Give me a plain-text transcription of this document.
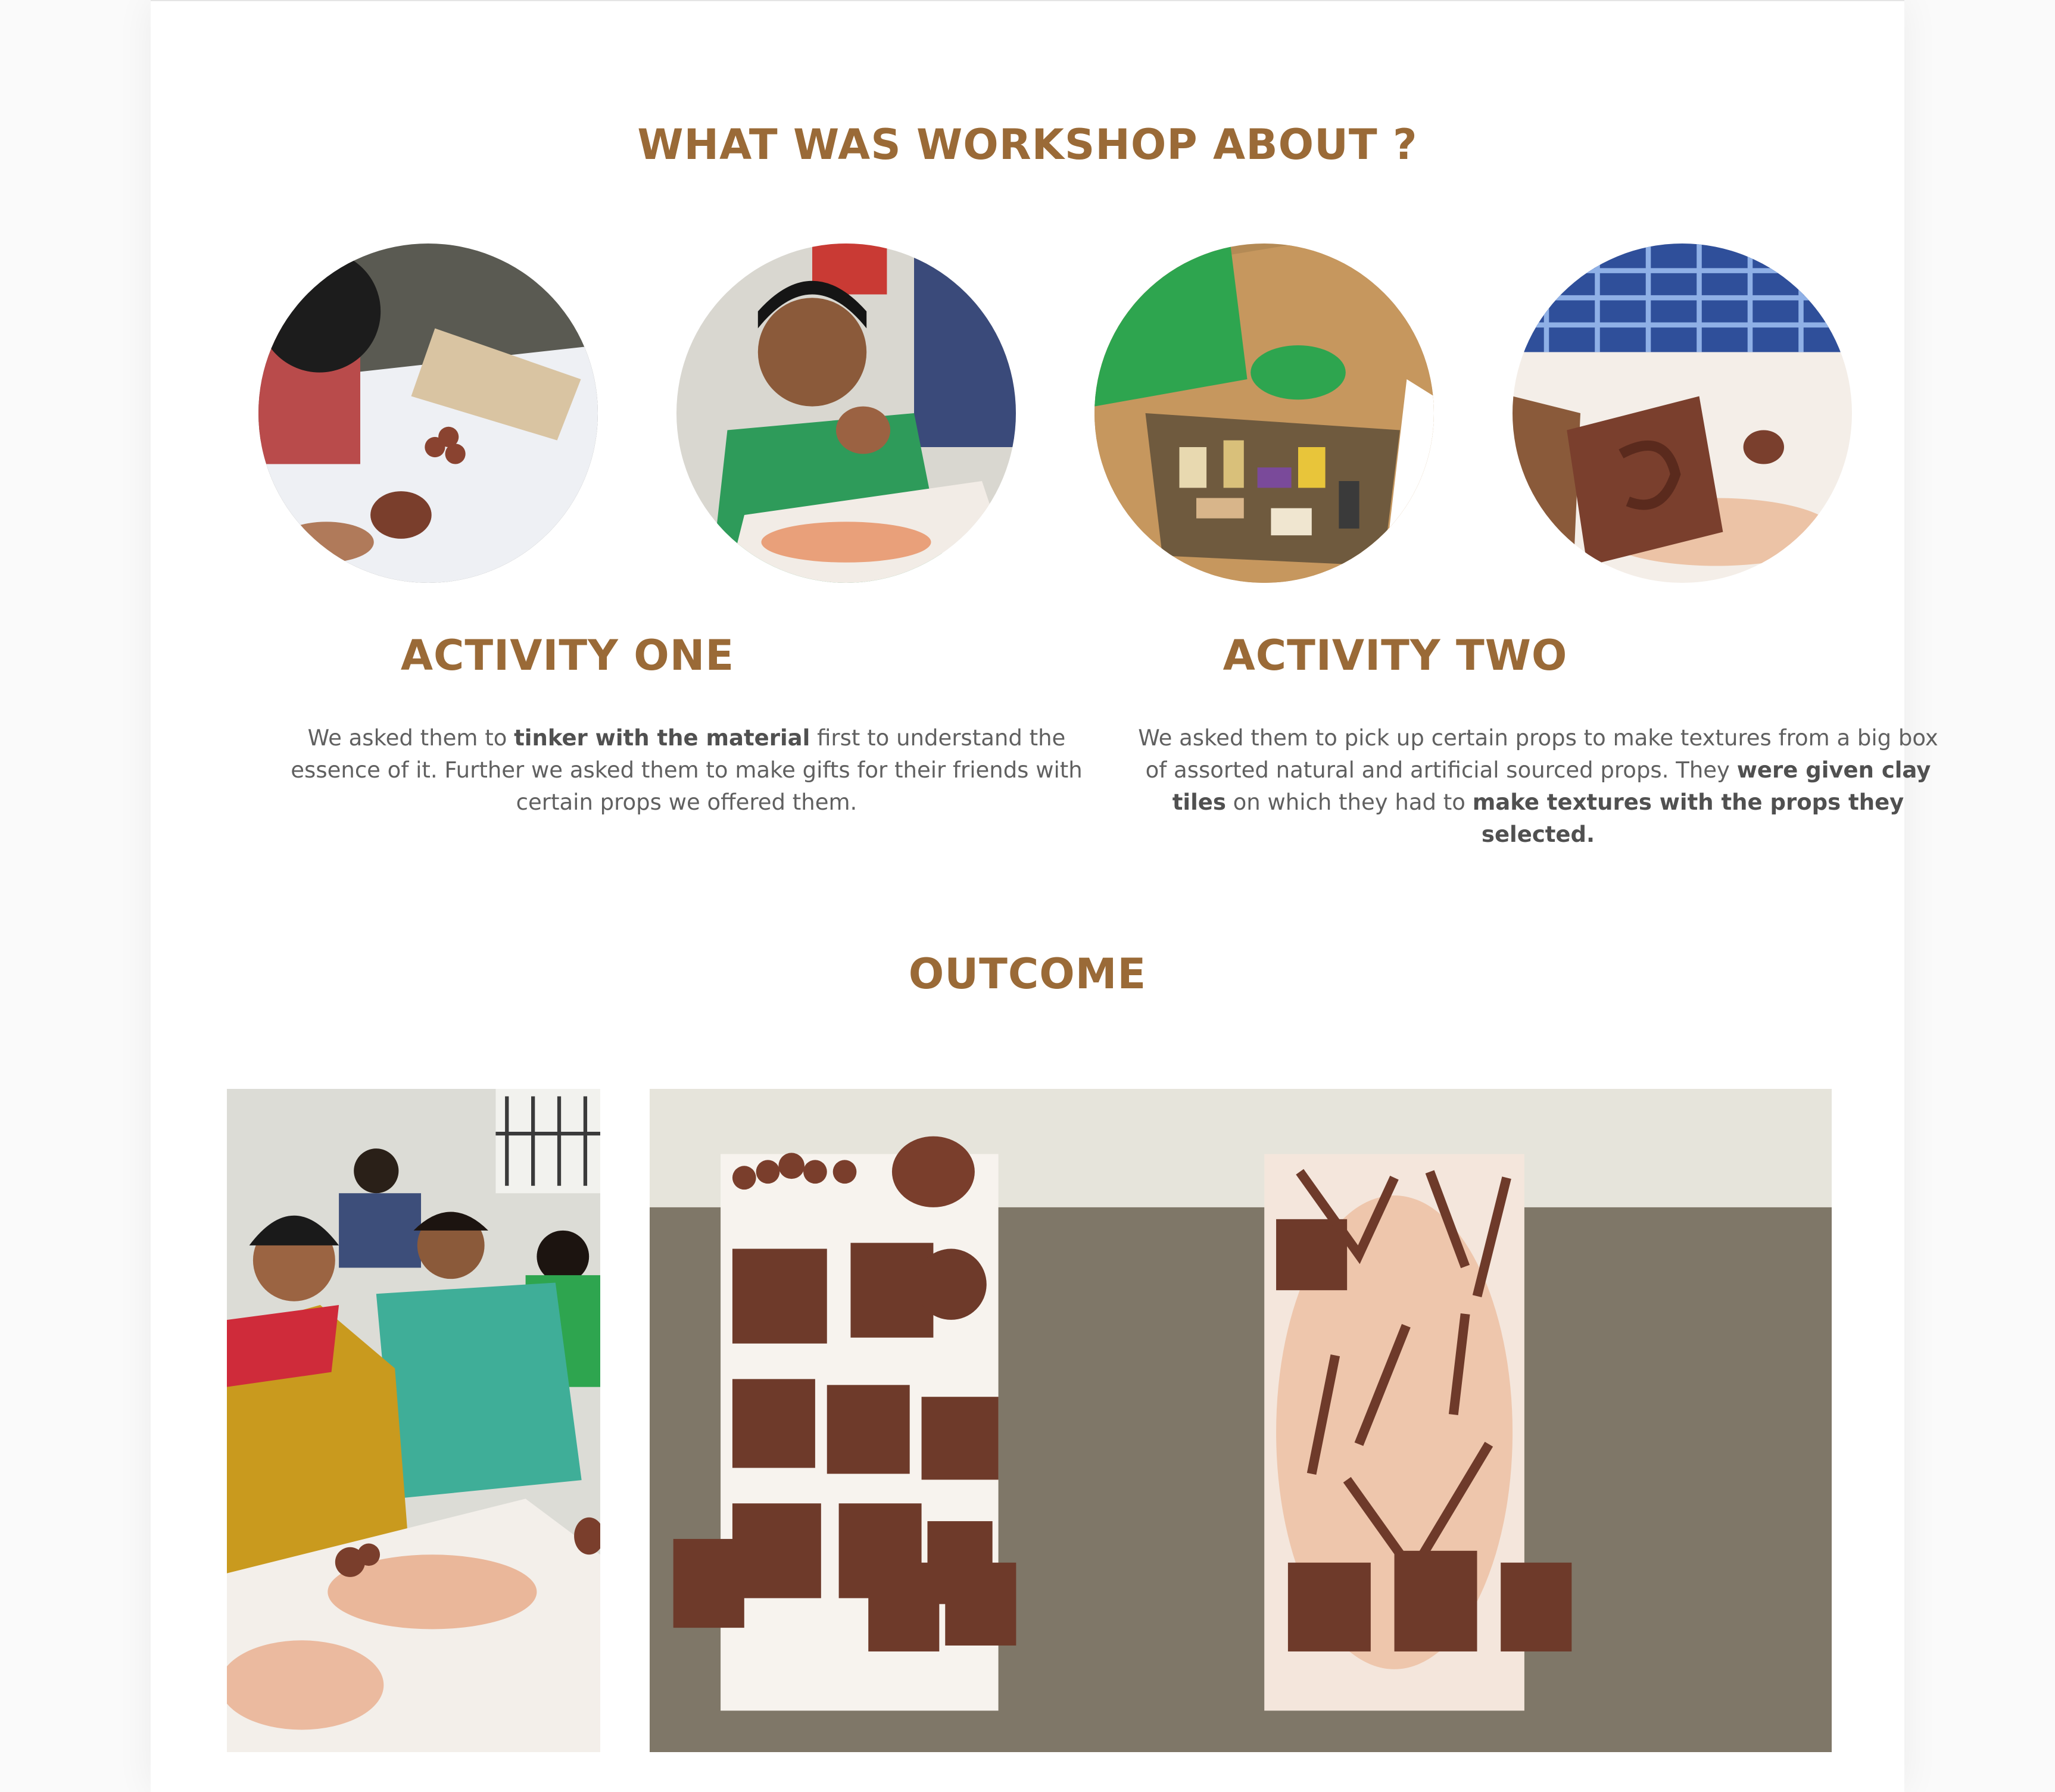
WHAT WAS WORKSHOP ABOUT ?
ACTIVITY ONE	ACTIVITY TWO

We asked them to tinker with the material first to understand the essence of it. Further we asked them to make gifts for their friends with certain props we offered them.

We asked them to pick up certain props to make textures from a big box of assorted natural and artificial sourced props. They were given clay tiles on which they had to make textures with the props they selected.

OUTCOME
